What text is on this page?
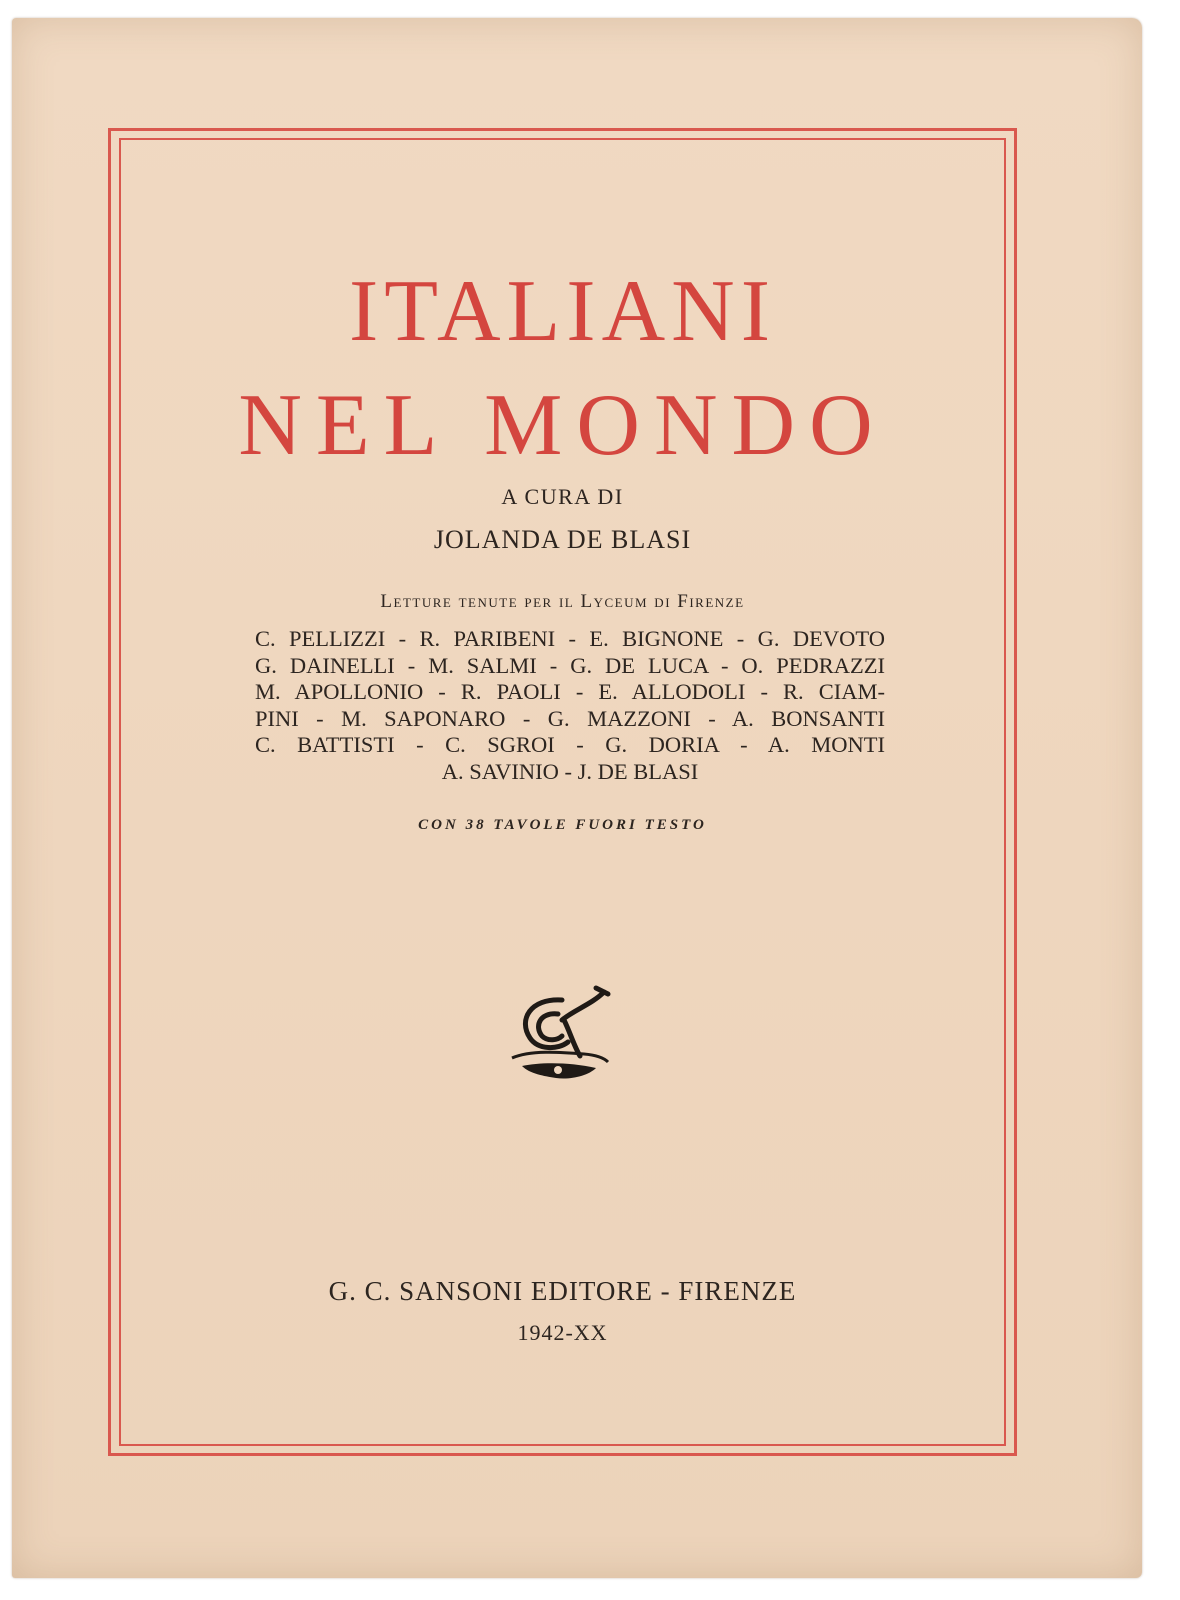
ITALIANI
NEL MONDO
A CURA DI
JOLANDA DE BLASI
Letture tenute per il Lyceum di Firenze
C. PELLIZZI - R. PARIBENI - E. BIGNONE - G. DEVOTO
G. DAINELLI - M. SALMI - G. DE LUCA - O. PEDRAZZI
M. APOLLONIO - R. PAOLI - E. ALLODOLI - R. CIAM-
PINI - M. SAPONARO - G. MAZZONI - A. BONSANTI
C. BATTISTI - C. SGROI - G. DORIA - A. MONTI
A. SAVINIO - J. DE BLASI
CON 38 TAVOLE FUORI TESTO
G. C. SANSONI EDITORE - FIRENZE
1942-XX
